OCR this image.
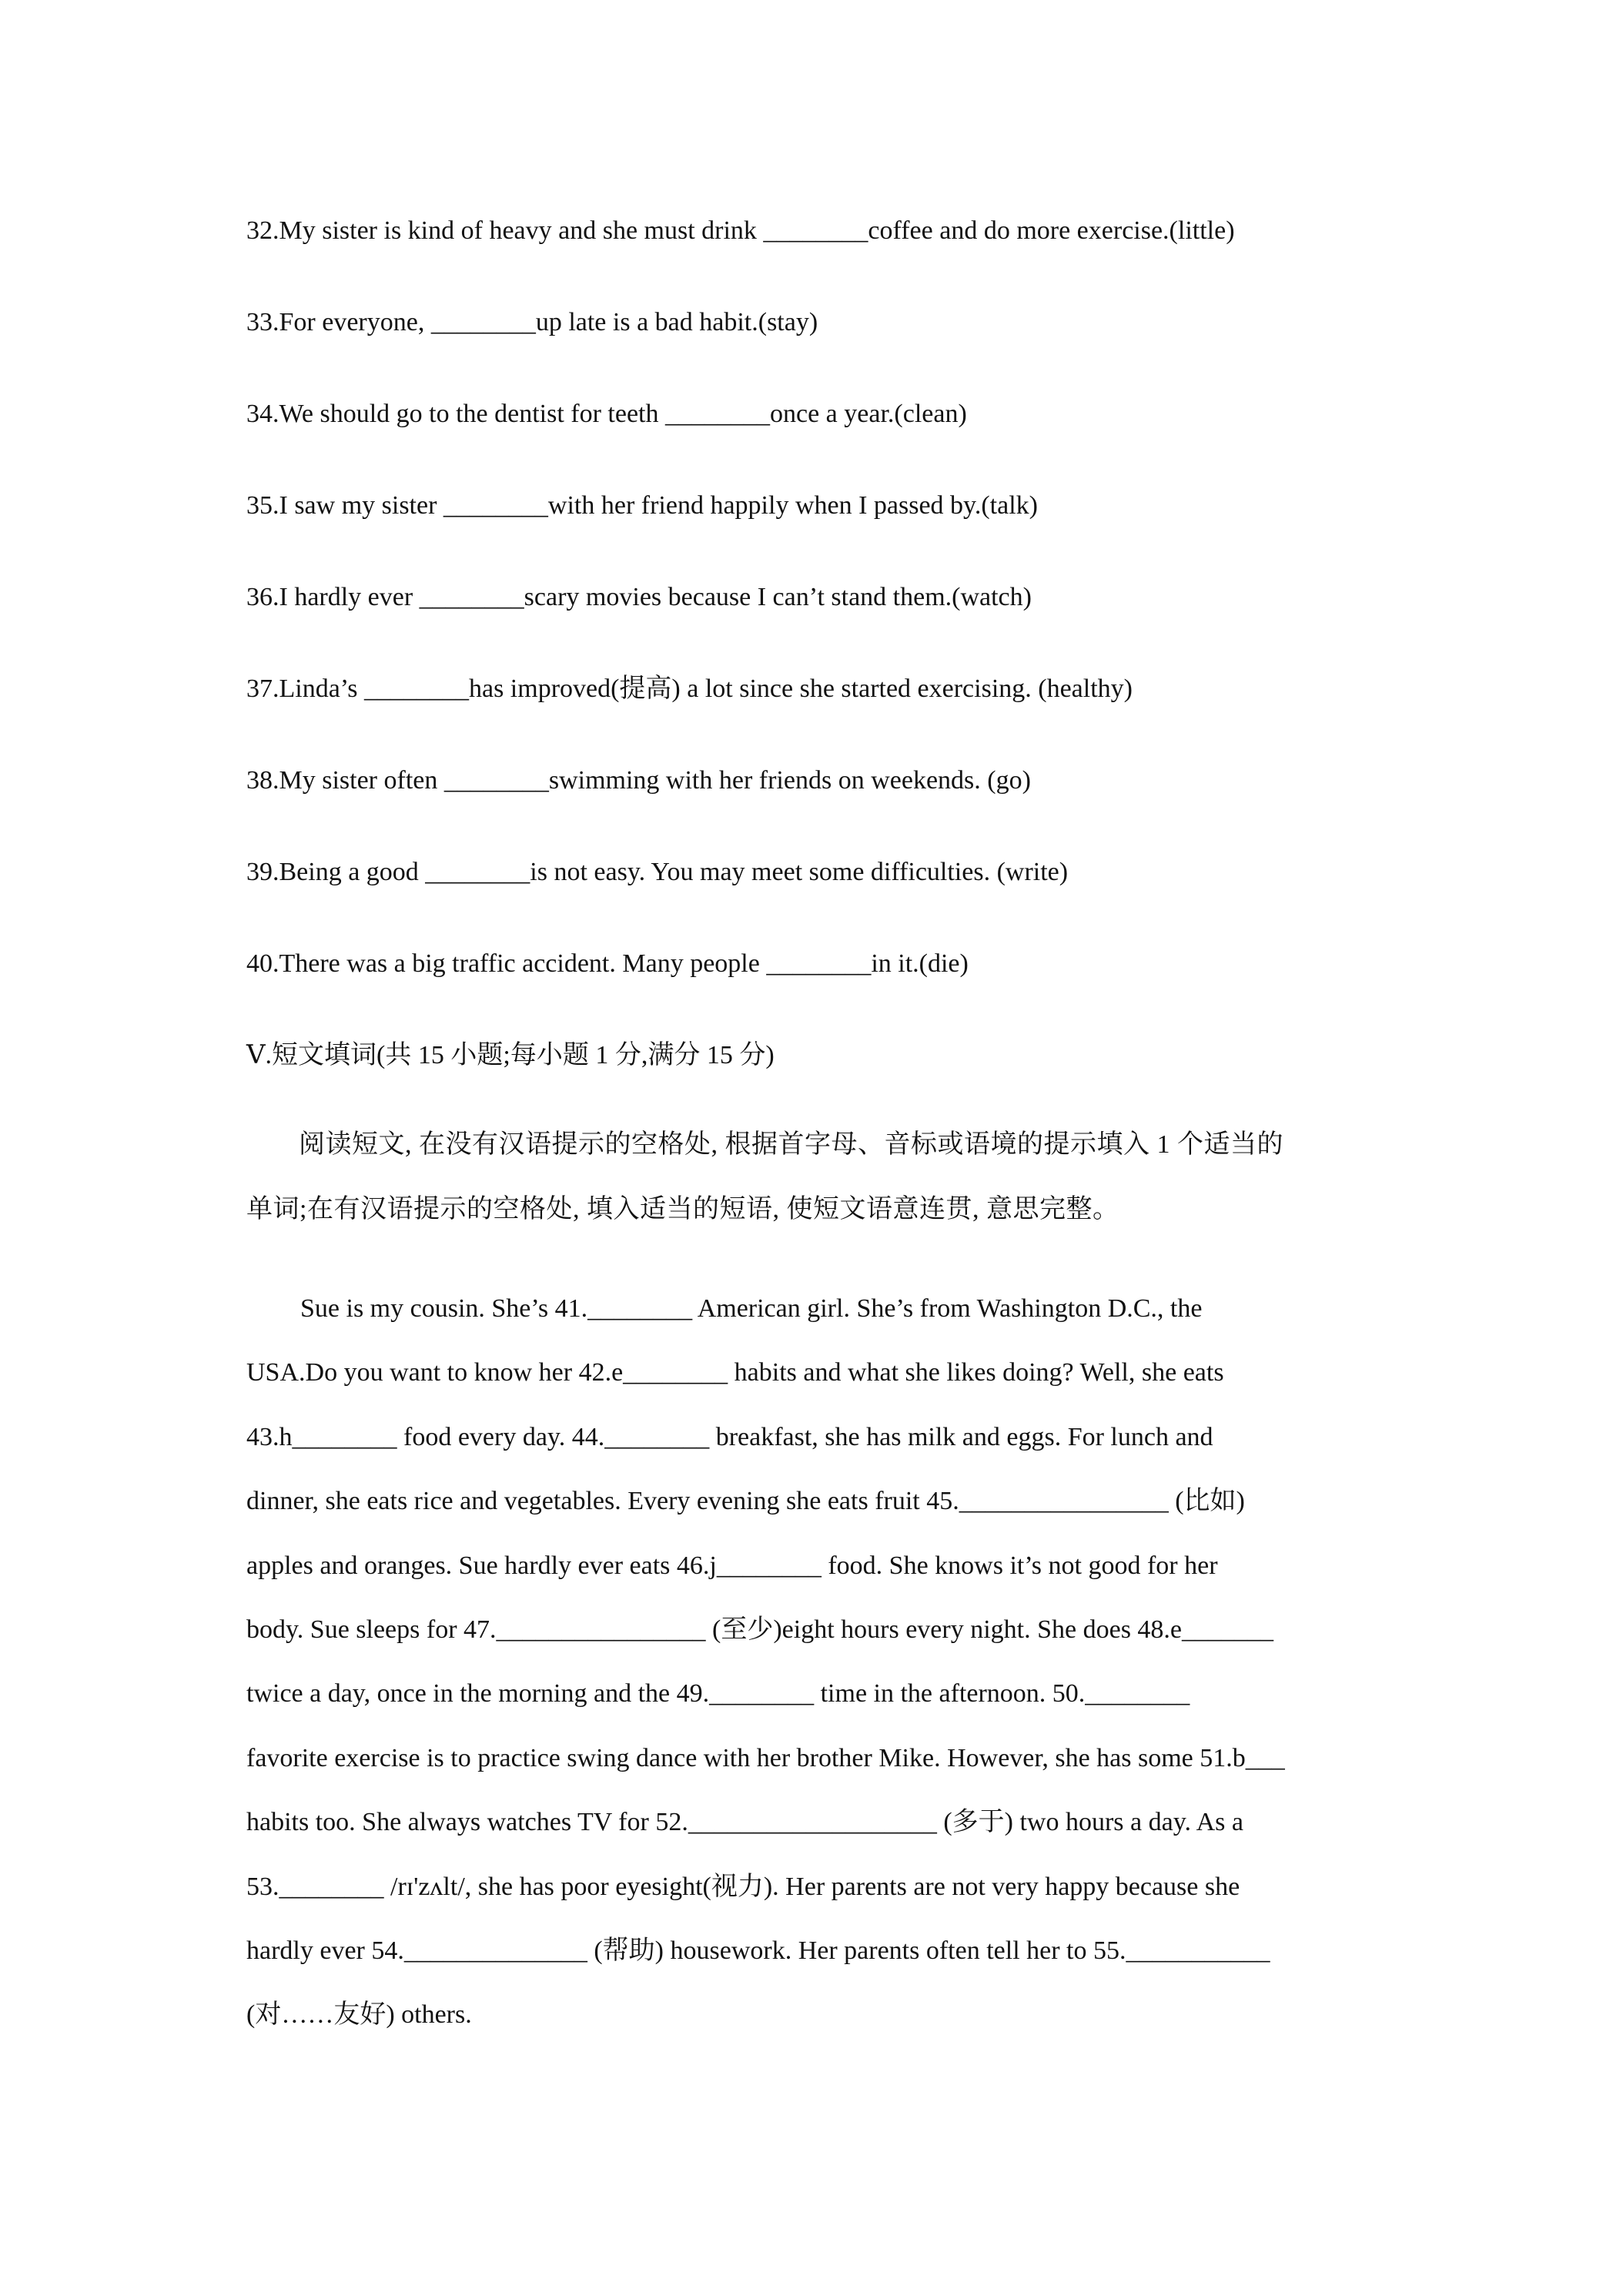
32.My sister is kind of heavy and she must drink ________coffee and do more exercise.(little)
33.For everyone, ________up late is a bad habit.(stay)
34.We should go to the dentist for teeth ________once a year.(clean)
35.I saw my sister ________with her friend happily when I passed by.(talk)
36.I hardly ever ________scary movies because I can’t stand them.(watch)
37.Linda’s ________has improved(提高) a lot since she started exercising. (healthy)
38.My sister often ________swimming with her friends on weekends. (go)
39.Being a good ________is not easy. You may meet some difficulties. (write)
40.There was a big traffic accident. Many people ________in it.(die)
Ⅴ.短文填词(共 15 小题;每小题 1 分,满分 15 分)
阅读短文, 在没有汉语提示的空格处, 根据首字母、音标或语境的提示填入 1 个适当的
单词;在有汉语提示的空格处, 填入适当的短语, 使短文语意连贯, 意思完整。
Sue is my cousin. She’s 41.________ American girl. She’s from Washington D.C., the
USA.Do you want to know her 42.e________ habits and what she likes doing? Well, she eats
43.h________ food every day. 44.________ breakfast, she has milk and eggs. For lunch and
dinner, she eats rice and vegetables. Every evening she eats fruit 45.________________ (比如)
apples and oranges. Sue hardly ever eats 46.j________ food. She knows it’s not good for her
body. Sue sleeps for 47.________________ (至少)eight hours every night. She does 48.e_______
twice a day, once in the morning and the 49.________ time in the afternoon. 50.________
favorite exercise is to practice swing dance with her brother Mike. However, she has some 51.b___
habits too. She always watches TV for 52.___________________ (多于) two hours a day. As a
53.________ /rɪ'zʌlt/, she has poor eyesight(视力). Her parents are not very happy because she
hardly ever 54.______________ (帮助) housework. Her parents often tell her to 55.___________
(对……友好) others.
